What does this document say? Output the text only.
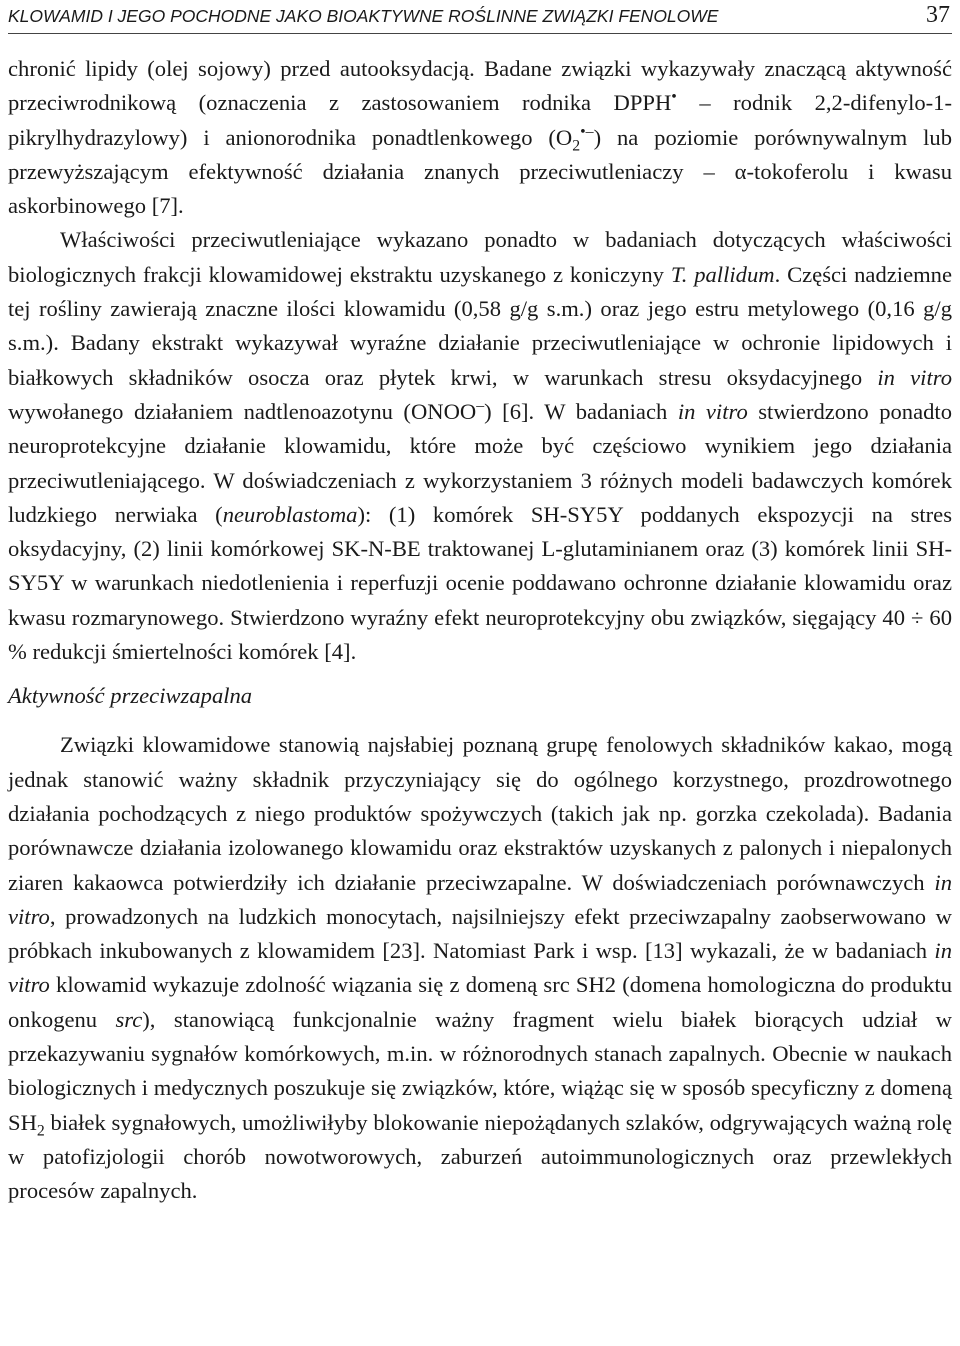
KLOWAMID I JEGO POCHODNE JAKO BIOAKTYWNE ROŚLINNE ZWIĄZKI FENOLOWE	37

chronić lipidy (olej sojowy) przed autooksydacją. Badane związki wykazywały znaczącą aktywność przeciwrodnikową (oznaczenia z zastosowaniem rodnika DPPH• – rodnik 2,2-difenylo-1-pikrylhydrazylowy) i anionorodnika ponadtlenkowego $(O_2^{•-})$ na poziomie porównywalnym lub przewyższającym efektywność działania znanych przeciwutleniaczy – α-tokoferolu i kwasu askorbinowego [7].

Właściwości przeciwutleniające wykazano ponadto w badaniach dotyczących właściwości biologicznych frakcji klowamidowej ekstraktu uzyskanego z koniczyny T. pallidum. Części nadziemne tej rośliny zawierają znaczne ilości klowamidu (0,58 g/g s.m.) oraz jego estru metylowego (0,16 g/g s.m.). Badany ekstrakt wykazywał wyraźne działanie przeciwutleniające w ochronie lipidowych i białkowych składników osocza oraz płytek krwi, w warunkach stresu oksydacyjnego in vitro wywołanego działaniem nadtlenoazotynu (ONOO–) [6]. W badaniach in vitro stwierdzono ponadto neuroprotekcyjne działanie klowamidu, które może być częściowo wynikiem jego działania przeciwutleniającego. W doświadczeniach z wykorzystaniem 3 różnych modeli badawczych komórek ludzkiego nerwiaka (neuroblastoma): (1) komórek SH-SY5Y poddanych ekspozycji na stres oksydacyjny, (2) linii komórkowej SK-N-BE traktowanej L-glutaminianem oraz (3) komórek linii SH-SY5Y w warunkach niedotlenienia i reperfuzji ocenie poddawano ochronne działanie klowamidu oraz kwasu rozmarynowego. Stwierdzono wyraźny efekt neuroprotekcyjny obu związków, sięgający 40 ÷ 60 % redukcji śmiertelności komórek [4].

Aktywność przeciwzapalna

Związki klowamidowe stanowią najsłabiej poznaną grupę fenolowych składników kakao, mogą jednak stanowić ważny składnik przyczyniający się do ogólnego korzystnego, prozdrowotnego działania pochodzących z niego produktów spożywczych (takich jak np. gorzka czekolada). Badania porównawcze działania izolowanego klowamidu oraz ekstraktów uzyskanych z palonych i niepalonych ziaren kakaowca potwierdziły ich działanie przeciwzapalne. W doświadczeniach porównawczych in vitro, prowadzonych na ludzkich monocytach, najsilniejszy efekt przeciwzapalny zaobserwowano w próbkach inkubowanych z klowamidem [23]. Natomiast Park i wsp. [13] wykazali, że w badaniach in vitro klowamid wykazuje zdolność wiązania się z domeną src SH2 (domena homologiczna do produktu onkogenu src), stanowiącą funkcjonalnie ważny fragment wielu białek biorących udział w przekazywaniu sygnałów komórkowych, m.in. w różnorodnych stanach zapalnych. Obecnie w naukach biologicznych i medycznych poszukuje się związków, które, wiążąc się w sposób specyficzny z domeną $SH_2$ białek sygnałowych, umożliwiłyby blokowanie niepożądanych szlaków, odgrywających ważną rolę w patofizjologii chorób nowotworowych, zaburzeń autoimmunologicznych oraz przewlekłych procesów zapalnych.
